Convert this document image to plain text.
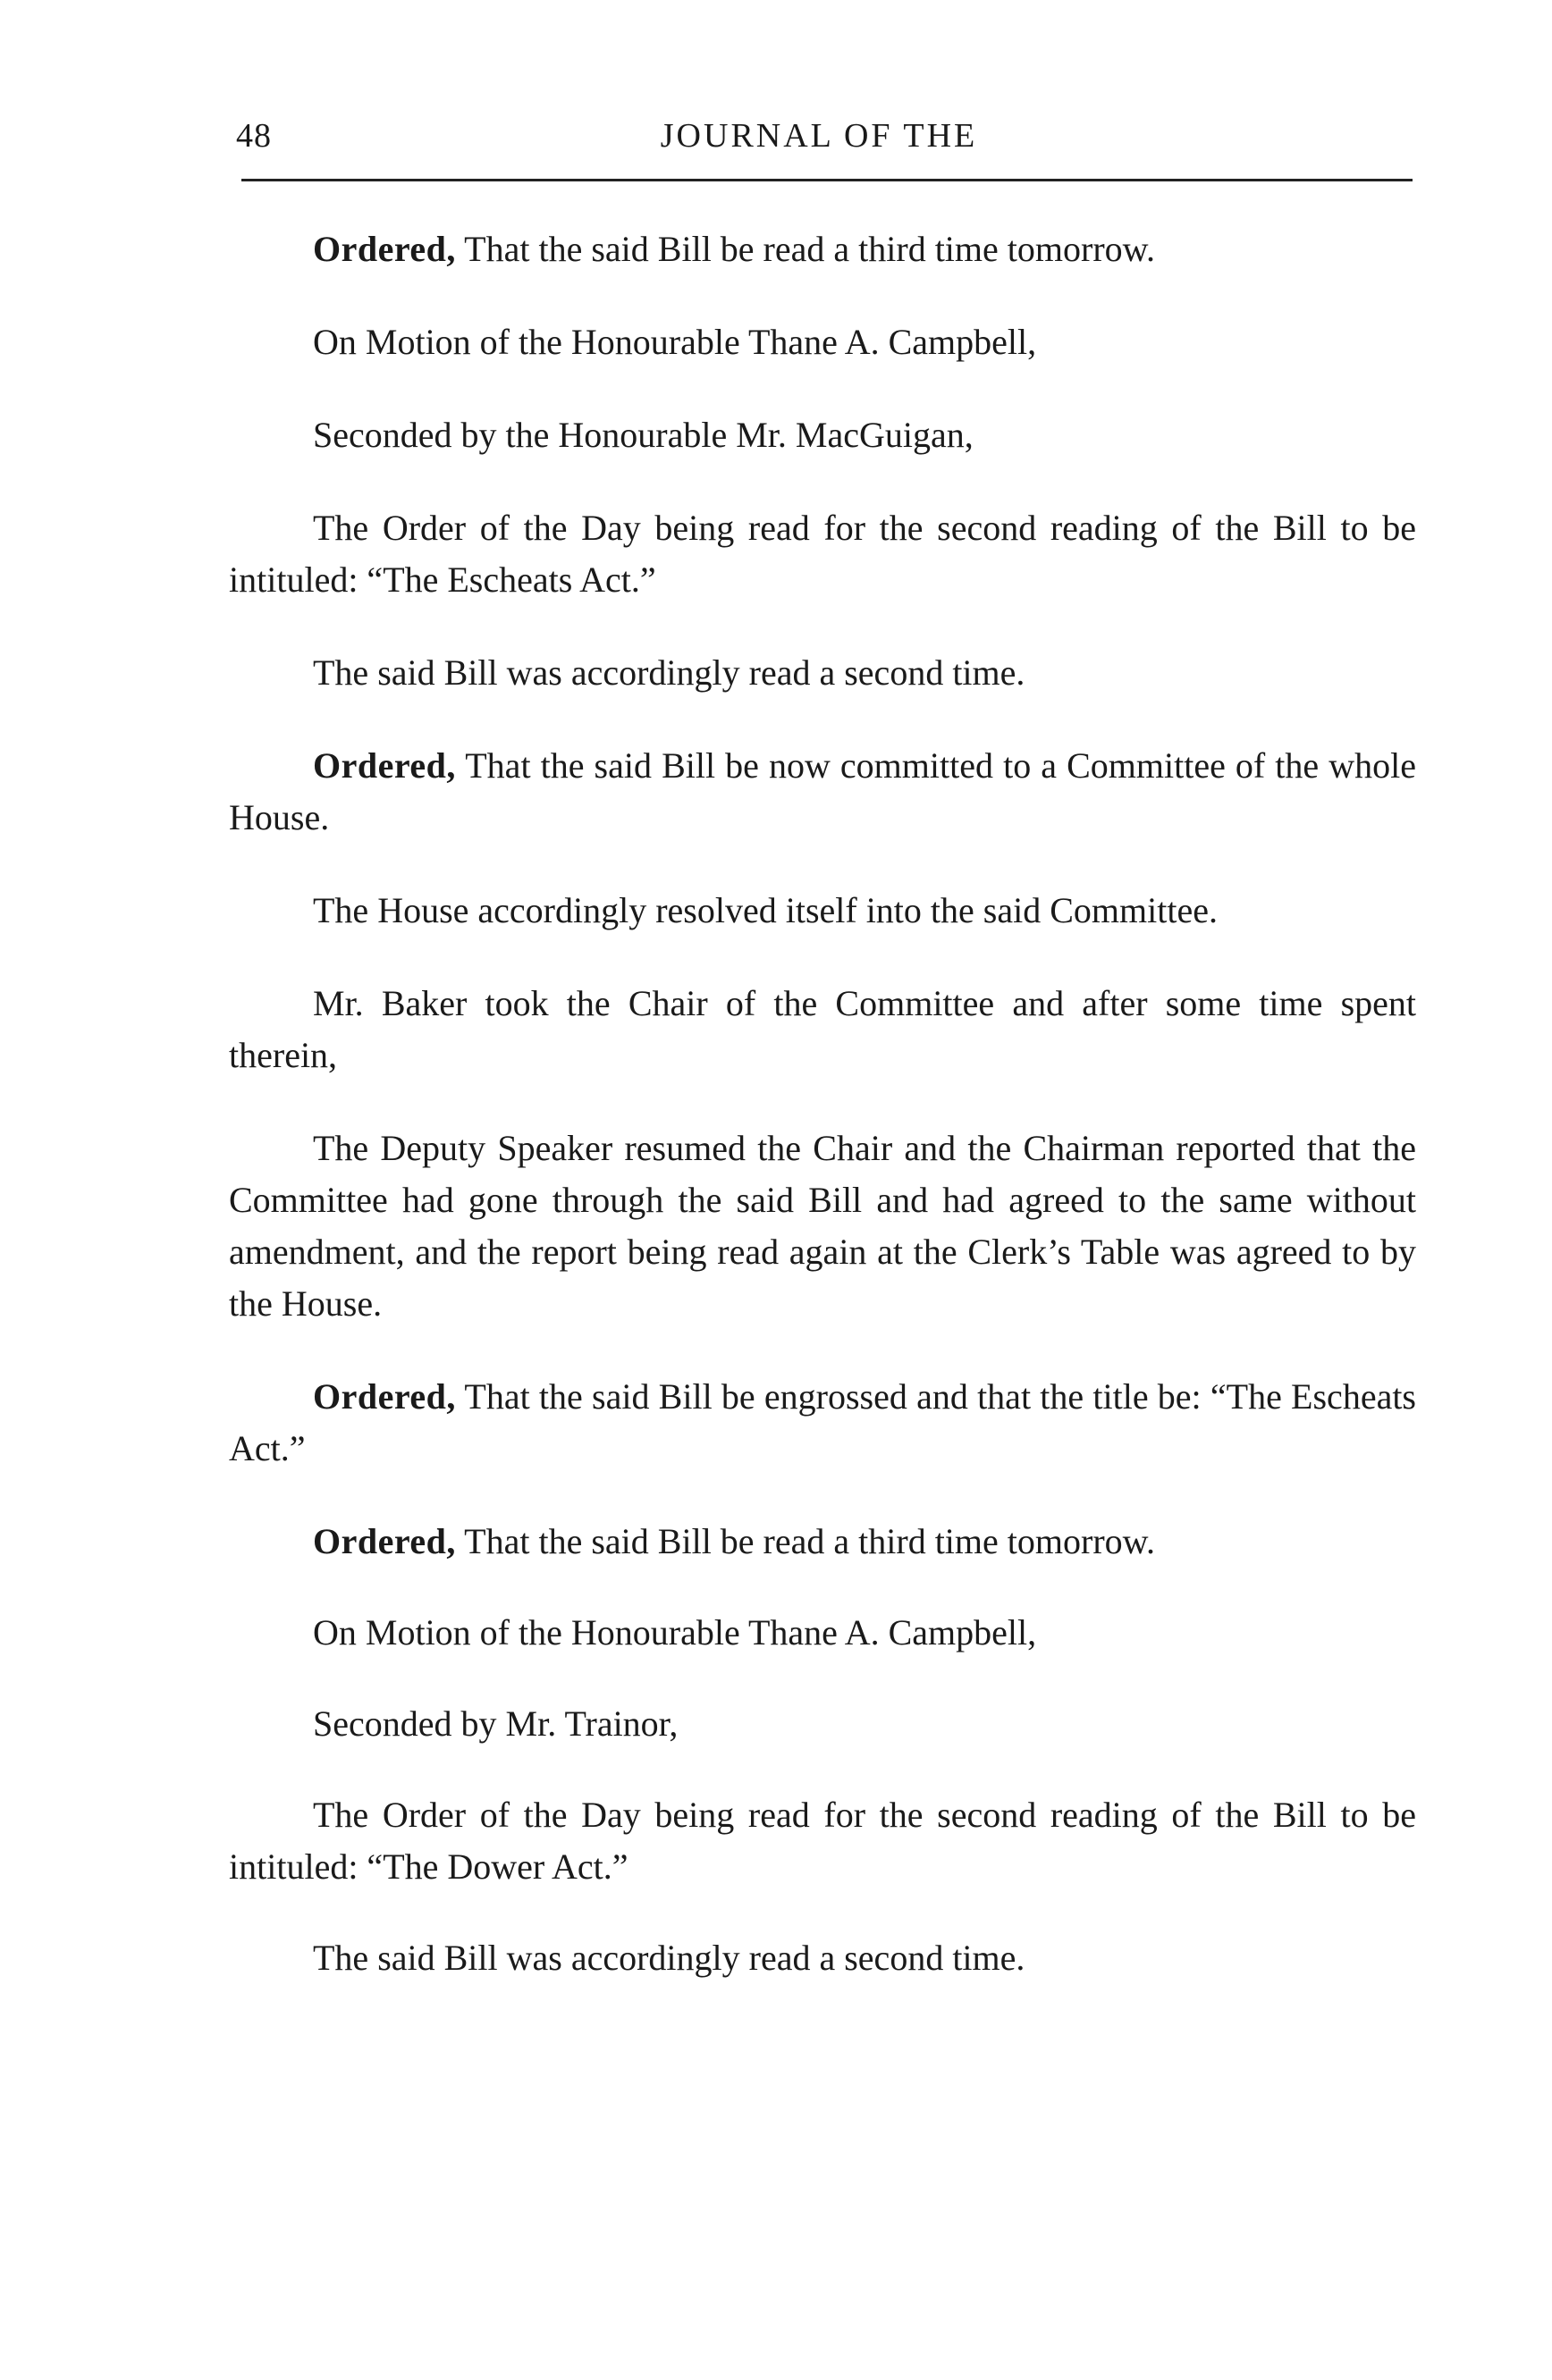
48	JOURNAL OF THE

Ordered, That the said Bill be read a third time tomorrow.

On Motion of the Honourable Thane A. Campbell,

Seconded by the Honourable Mr. MacGuigan,

The Order of the Day being read for the second reading of the Bill to be intituled: “The Escheats Act.”

The said Bill was accordingly read a second time.

Ordered, That the said Bill be now committed to a Committee of the whole House.

The House accordingly resolved itself into the said Committee.

Mr. Baker took the Chair of the Committee and after some time spent therein,

The Deputy Speaker resumed the Chair and the Chairman reported that the Committee had gone through the said Bill and had agreed to the same without amendment, and the report being read again at the Clerk’s Table was agreed to by the House.

Ordered, That the said Bill be engrossed and that the title be: “The Escheats Act.”

Ordered, That the said Bill be read a third time tomorrow.

On Motion of the Honourable Thane A. Campbell,

Seconded by Mr. Trainor,

The Order of the Day being read for the second reading of the Bill to be intituled: “The Dower Act.”

The said Bill was accordingly read a second time.
